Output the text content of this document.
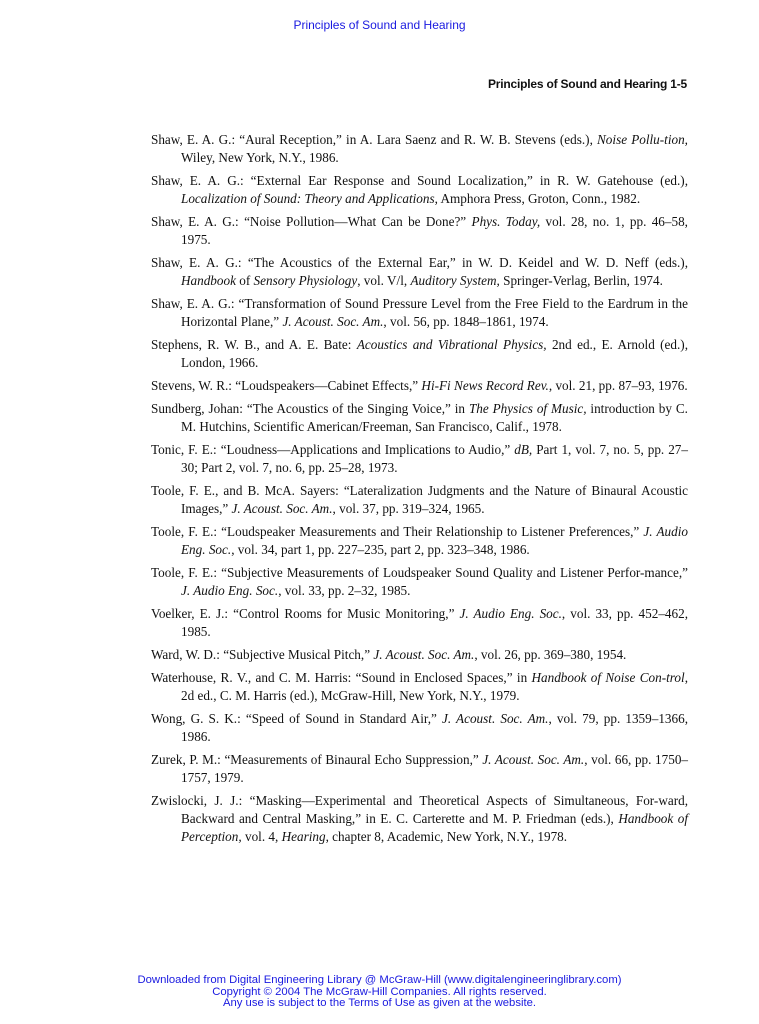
Principles of Sound and Hearing
Principles of Sound and Hearing 1-5
Shaw, E. A. G.: “Aural Reception,” in A. Lara Saenz and R. W. B. Stevens (eds.), Noise Pollu-tion, Wiley, New York, N.Y., 1986.
Shaw, E. A. G.: “External Ear Response and Sound Localization,” in R. W. Gatehouse (ed.), Localization of Sound: Theory and Applications, Amphora Press, Groton, Conn., 1982.
Shaw, E. A. G.: “Noise Pollution—What Can be Done?” Phys. Today, vol. 28, no. 1, pp. 46–58, 1975.
Shaw, E. A. G.: “The Acoustics of the External Ear,” in W. D. Keidel and W. D. Neff (eds.), Handbook of Sensory Physiology, vol. V/l, Auditory System, Springer-Verlag, Berlin, 1974.
Shaw, E. A. G.: “Transformation of Sound Pressure Level from the Free Field to the Eardrum in the Horizontal Plane,” J. Acoust. Soc. Am., vol. 56, pp. 1848–1861, 1974.
Stephens, R. W. B., and A. E. Bate: Acoustics and Vibrational Physics, 2nd ed., E. Arnold (ed.), London, 1966.
Stevens, W. R.: “Loudspeakers—Cabinet Effects,” Hi-Fi News Record Rev., vol. 21, pp. 87–93, 1976.
Sundberg, Johan: “The Acoustics of the Singing Voice,” in The Physics of Music, introduction by C. M. Hutchins, Scientific American/Freeman, San Francisco, Calif., 1978.
Tonic, F. E.: “Loudness—Applications and Implications to Audio,” dB, Part 1, vol. 7, no. 5, pp. 27–30; Part 2, vol. 7, no. 6, pp. 25–28, 1973.
Toole, F. E., and B. McA. Sayers: “Lateralization Judgments and the Nature of Binaural Acoustic Images,” J. Acoust. Soc. Am., vol. 37, pp. 319–324, 1965.
Toole, F. E.: “Loudspeaker Measurements and Their Relationship to Listener Preferences,” J. Audio Eng. Soc., vol. 34, part 1, pp. 227–235, part 2, pp. 323–348, 1986.
Toole, F. E.: “Subjective Measurements of Loudspeaker Sound Quality and Listener Perfor-mance,” J. Audio Eng. Soc., vol. 33, pp. 2–32, 1985.
Voelker, E. J.: “Control Rooms for Music Monitoring,” J. Audio Eng. Soc., vol. 33, pp. 452–462, 1985.
Ward, W. D.: “Subjective Musical Pitch,” J. Acoust. Soc. Am., vol. 26, pp. 369–380, 1954.
Waterhouse, R. V., and C. M. Harris: “Sound in Enclosed Spaces,” in Handbook of Noise Con-trol, 2d ed., C. M. Harris (ed.), McGraw-Hill, New York, N.Y., 1979.
Wong, G. S. K.: “Speed of Sound in Standard Air,” J. Acoust. Soc. Am., vol. 79, pp. 1359–1366, 1986.
Zurek, P. M.: “Measurements of Binaural Echo Suppression,” J. Acoust. Soc. Am., vol. 66, pp. 1750–1757, 1979.
Zwislocki, J. J.: “Masking—Experimental and Theoretical Aspects of Simultaneous, For-ward, Backward and Central Masking,” in E. C. Carterette and M. P. Friedman (eds.), Handbook of Perception, vol. 4, Hearing, chapter 8, Academic, New York, N.Y., 1978.
Downloaded from Digital Engineering Library @ McGraw-Hill (www.digitalengineeringlibrary.com)
Copyright © 2004 The McGraw-Hill Companies. All rights reserved.
Any use is subject to the Terms of Use as given at the website.
